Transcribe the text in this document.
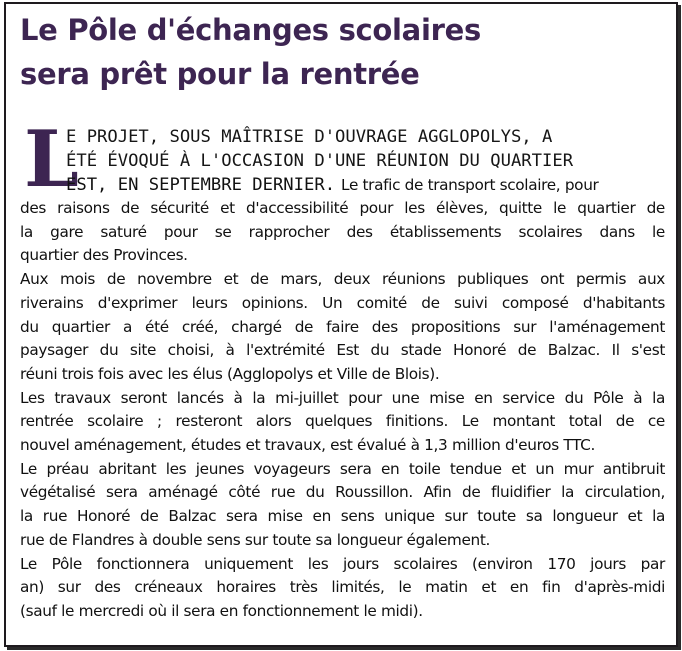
Le Pôle d'échanges scolaires
sera prêt pour la rentrée
L
E PROJET, SOUS MAÎTRISE D'OUVRAGE AGGLOPOLYS, A
ÉTÉ ÉVOQUÉ À L'OCCASION D'UNE RÉUNION DU QUARTIER
EST, EN SEPTEMBRE DERNIER. Le trafic de transport scolaire, pour
des raisons de sécurité et d'accessibilité pour les élèves, quitte le quartier de
la gare saturé pour se rapprocher des établissements scolaires dans le
quartier des Provinces.
Aux mois de novembre et de mars, deux réunions publiques ont permis aux
riverains d'exprimer leurs opinions. Un comité de suivi composé d'habitants
du quartier a été créé, chargé de faire des propositions sur l'aménagement
paysager du site choisi, à l'extrémité Est du stade Honoré de Balzac. Il s'est
réuni trois fois avec les élus (Agglopolys et Ville de Blois).
Les travaux seront lancés à la mi-juillet pour une mise en service du Pôle à la
rentrée scolaire ; resteront alors quelques finitions. Le montant total de ce
nouvel aménagement, études et travaux, est évalué à 1,3 million d'euros TTC.
Le préau abritant les jeunes voyageurs sera en toile tendue et un mur antibruit
végétalisé sera aménagé côté rue du Roussillon. Afin de fluidifier la circulation,
la rue Honoré de Balzac sera mise en sens unique sur toute sa longueur et la
rue de Flandres à double sens sur toute sa longueur également.
Le Pôle fonctionnera uniquement les jours scolaires (environ 170 jours par
an) sur des créneaux horaires très limités, le matin et en fin d'après-midi
(sauf le mercredi où il sera en fonctionnement le midi).
